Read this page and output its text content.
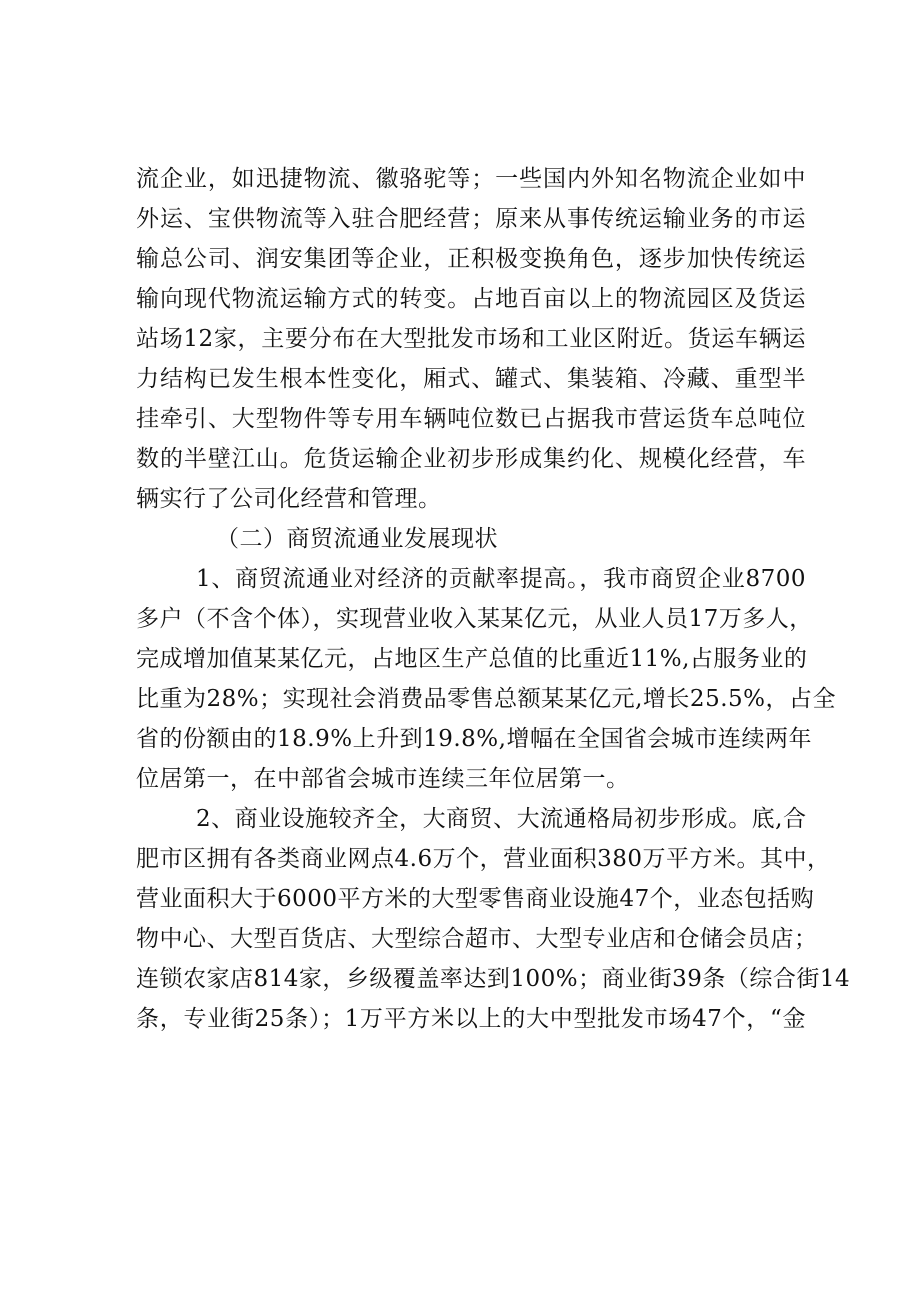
流企业，如迅捷物流、徽骆驼等；一些国内外知名物流企业如中
外运、宝供物流等入驻合肥经营；原来从事传统运输业务的市运
输总公司、润安集团等企业，正积极变换角色，逐步加快传统运
输向现代物流运输方式的转变。占地百亩以上的物流园区及货运
站场12家，主要分布在大型批发市场和工业区附近。货运车辆运
力结构已发生根本性变化，厢式、罐式、集装箱、冷藏、重型半
挂牵引、大型物件等专用车辆吨位数已占据我市营运货车总吨位
数的半壁江山。危货运输企业初步形成集约化、规模化经营，车
辆实行了公司化经营和管理。
（二）商贸流通业发展现状
1、商贸流通业对经济的贡献率提高。，我市商贸企业8700
多户（不含个体），实现营业收入某某亿元，从业人员17万多人，
完成增加值某某亿元，占地区生产总值的比重近11%,占服务业的
比重为28%；实现社会消费品零售总额某某亿元,增长25.5%，占全
省的份额由的18.9%上升到19.8%,增幅在全国省会城市连续两年
位居第一，在中部省会城市连续三年位居第一。
2、商业设施较齐全，大商贸、大流通格局初步形成。底,合
肥市区拥有各类商业网点4.6万个，营业面积380万平方米。其中，
营业面积大于6000平方米的大型零售商业设施47个，业态包括购
物中心、大型百货店、大型综合超市、大型专业店和仓储会员店；
连锁农家店814家，乡级覆盖率达到100%；商业街39条（综合街14
条，专业街25条）；1万平方米以上的大中型批发市场47个，“金
